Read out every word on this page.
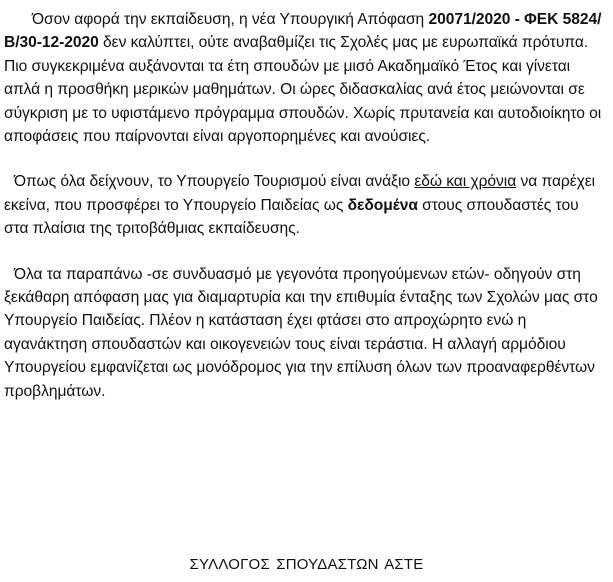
Όσον αφορά την εκπαίδευση, η νέα Υπουργική Απόφαση 20071/2020 - ΦΕΚ 5824/Β/30-12-2020 δεν καλύπτει, ούτε αναβαθμίζει τις Σχολές μας με ευρωπαϊκά πρότυπα. Πιο συγκεκριμένα αυξάνονται τα έτη σπουδών με μισό Ακαδημαϊκό Έτος και γίνεται απλά η προσθήκη μερικών μαθημάτων. Οι ώρες διδασκαλίας ανά έτος μειώνονται σε σύγκριση με το υφιστάμενο πρόγραμμα σπουδών. Χωρίς πρυτανεία και αυτοδιοίκητο οι αποφάσεις που παίρνονται είναι αργοπορημένες και ανούσιες.

Όπως όλα δείχνουν, το Υπουργείο Τουρισμού είναι ανάξιο εδώ και χρόνια να παρέχει εκείνα, που προσφέρει το Υπουργείο Παιδείας ως δεδομένα στους σπουδαστές του στα πλαίσια της τριτοβάθμιας εκπαίδευσης.

Όλα τα παραπάνω -σε συνδυασμό με γεγονότα προηγούμενων ετών- οδηγούν στη ξεκάθαρη απόφαση μας για διαμαρτυρία και την επιθυμία ένταξης των Σχολών μας στο Υπουργείο Παιδείας. Πλέον η κατάσταση έχει φτάσει στο απροχώρητο ενώ η αγανάκτηση σπουδαστών και οικογενειών τους είναι τεράστια. Η αλλαγή αρμόδιου Υπουργείου εμφανίζεται ως μονόδρομος για την επίλυση όλων των προαναφερθέντων προβλημάτων.

ΣΥΛΛΟΓΟΣ ΣΠΟΥΔΑΣΤΩΝ ΑΣΤΕ
